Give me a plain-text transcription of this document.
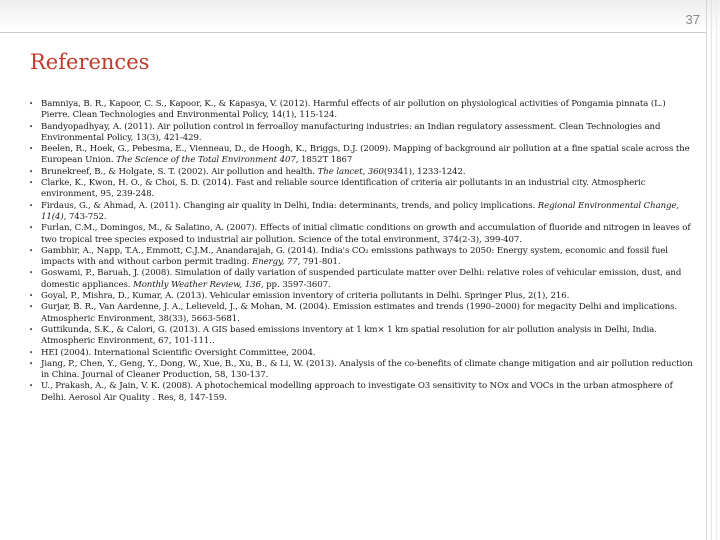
37
References
• Bamniya, B. R., Kapoor, C. S., Kapoor, K., & Kapasya, V. (2012). Harmful effects of air pollution on physiological activities of Pongamia pinnata (L.) Pierre. Clean Technologies and Environmental Policy, 14(1), 115-124.
• Bandyopadhyay, A. (2011). Air pollution control in ferroalloy manufacturing industries: an Indian regulatory assessment. Clean Technologies and Environmental Policy, 13(3), 421-429.
• Beelen, R., Hoek, G., Pebesma, E., Vienneau, D., de Hoogh, K., Briggs, D.J. (2009). Mapping of background air pollution at a fine spatial scale across the European Union. The Science of the Total Environment 407, 1852T 1867
• Brunekreef, B., & Holgate, S. T. (2002). Air pollution and health. The lancet, 360(9341), 1233-1242.
• Clarke, K., Kwon, H. O., & Choi, S. D. (2014). Fast and reliable source identification of criteria air pollutants in an industrial city. Atmospheric environment, 95, 239-248.
• Firdaus, G., & Ahmad, A. (2011). Changing air quality in Delhi, India: determinants, trends, and policy implications. Regional Environmental Change, 11(4), 743-752.
• Furlan, C.M., Domingos, M., & Salatino, A. (2007). Effects of initial climatic conditions on growth and accumulation of fluoride and nitrogen in leaves of two tropical tree species exposed to industrial air pollution. Science of the total environment, 374(2-3), 399-407.
• Gambhir, A., Napp, T.A., Emmott, C.J.M., Anandarajah, G. (2014). India's CO₂ emissions pathways to 2050: Energy system, economic and fossil fuel impacts with and without carbon permit trading. Energy, 77, 791-801.
• Goswami, P., Baruah, J. (2008). Simulation of daily variation of suspended particulate matter over Delhi: relative roles of vehicular emission, dust, and domestic appliances. Monthly Weather Review, 136, pp. 3597-3607.
• Goyal, P., Mishra, D., Kumar, A. (2013). Vehicular emission inventory of criteria pollutants in Delhi. Springer Plus, 2(1), 216.
• Gurjar, B. R., Van Aardenne, J. A., Lelieveld, J., & Mohan, M. (2004). Emission estimates and trends (1990–2000) for megacity Delhi and implications. Atmospheric Environment, 38(33), 5663-5681.
• Guttikunda, S.K., & Calori, G. (2013). A GIS based emissions inventory at 1 km× 1 km spatial resolution for air pollution analysis in Delhi, India. Atmospheric Environment, 67, 101-111..
• HEI (2004). International Scientific Oversight Committee, 2004.
• Jiang, P., Chen, Y., Geng, Y., Dong, W., Xue, B., Xu, B., & Li, W. (2013). Analysis of the co-benefits of climate change mitigation and air pollution reduction in China. Journal of Cleaner Production, 58, 130-137.
• U., Prakash, A., & Jain, V. K. (2008). A photochemical modelling approach to investigate O3 sensitivity to NOx and VOCs in the urban atmosphere of Delhi. Aerosol Air Quality . Res, 8, 147-159.
